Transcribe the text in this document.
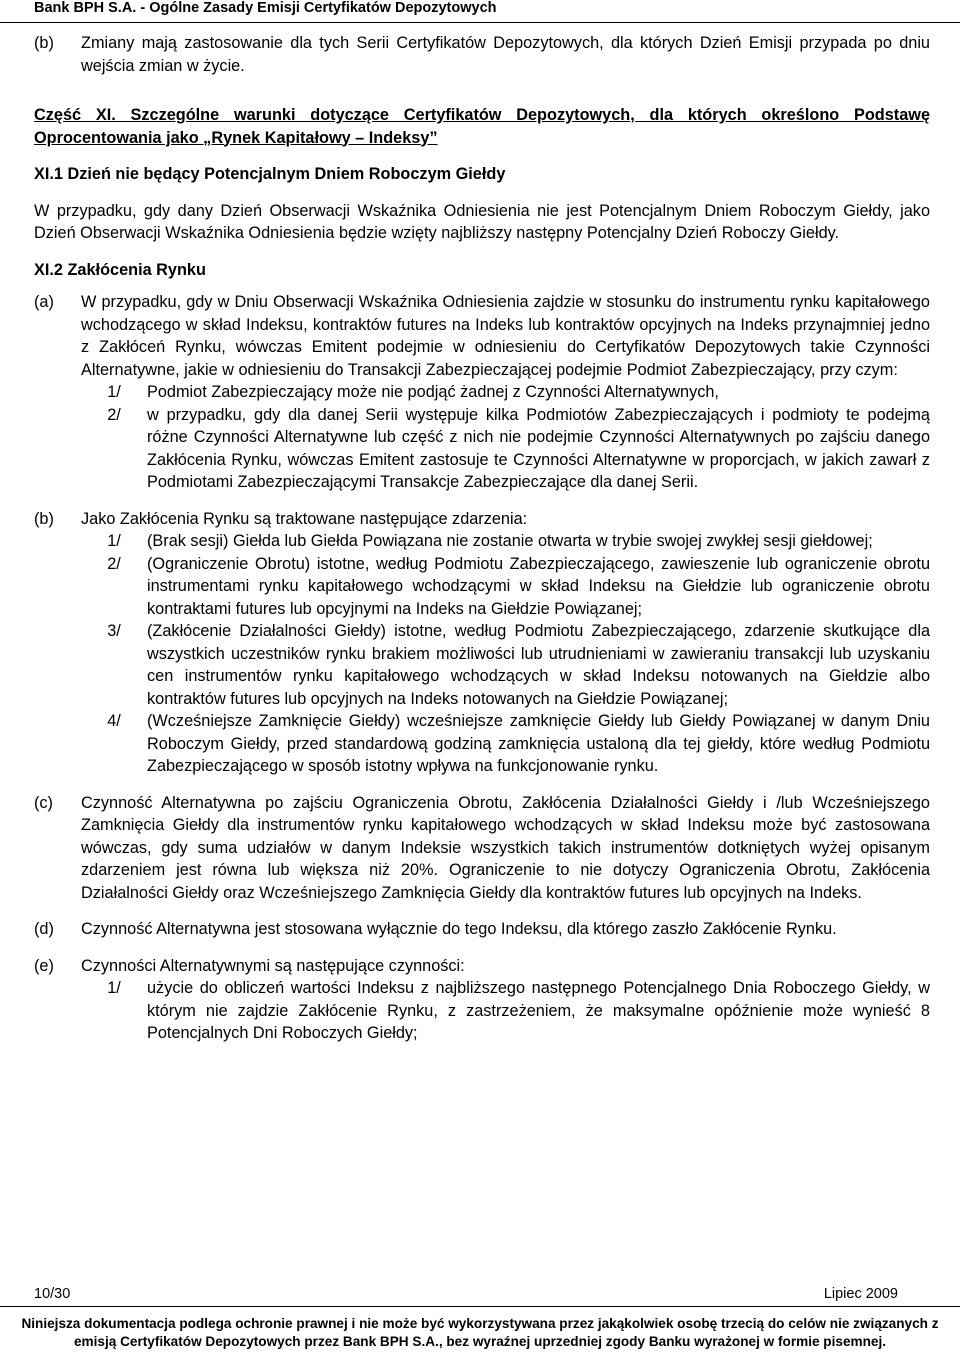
Bank BPH S.A. - Ogólne Zasady Emisji Certyfikatów Depozytowych
(b)	Zmiany mają zastosowanie dla tych Serii Certyfikatów Depozytowych, dla których Dzień Emisji przypada po dniu wejścia zmian w życie.
Część XI. Szczególne warunki dotyczące Certyfikatów Depozytowych, dla których określono Podstawę Oprocentowania jako „Rynek Kapitałowy – Indeksy”
XI.1 Dzień nie będący Potencjalnym Dniem Roboczym Giełdy
W przypadku, gdy dany Dzień Obserwacji Wskaźnika Odniesienia nie jest Potencjalnym Dniem Roboczym Giełdy, jako Dzień Obserwacji Wskaźnika Odniesienia będzie wzięty najbliższy następny Potencjalny Dzień Roboczy Giełdy.
XI.2 Zakłócenia Rynku
(a)	W przypadku, gdy w Dniu Obserwacji Wskaźnika Odniesienia zajdzie w stosunku do instrumentu rynku kapitałowego wchodzącego w skład Indeksu, kontraktów futures na Indeks lub kontraktów opcyjnych na Indeks przynajmniej jedno z Zakłóceń Rynku, wówczas Emitent podejmie w odniesieniu do Certyfikatów Depozytowych takie Czynności Alternatywne, jakie w odniesieniu do Transakcji Zabezpieczającej podejmie Podmiot Zabezpieczający, przy czym:
1/	Podmiot Zabezpieczający może nie podjąć żadnej z Czynności Alternatywnych,
2/	w przypadku, gdy dla danej Serii występuje kilka Podmiotów Zabezpieczających i podmioty te podejmą różne Czynności Alternatywne lub część z nich nie podejmie Czynności Alternatywnych po zajściu danego Zakłócenia Rynku, wówczas Emitent zastosuje te Czynności Alternatywne w proporcjach, w jakich zawarł z Podmiotami Zabezpieczającymi Transakcje Zabezpieczające dla danej Serii.
(b)	Jako Zakłócenia Rynku są traktowane następujące zdarzenia:
1/	(Brak sesji) Giełda lub Giełda Powiązana nie zostanie otwarta w trybie swojej zwykłej sesji giełdowej;
2/	(Ograniczenie Obrotu) istotne, według Podmiotu Zabezpieczającego, zawieszenie lub ograniczenie obrotu instrumentami rynku kapitałowego wchodzącymi w skład Indeksu na Giełdzie lub ograniczenie obrotu kontraktami futures lub opcyjnymi na Indeks na Giełdzie Powiązanej;
3/	(Zakłócenie Działalności Giełdy) istotne, według Podmiotu Zabezpieczającego, zdarzenie skutkujące dla wszystkich uczestników rynku brakiem możliwości lub utrudnieniami w zawieraniu transakcji lub uzyskaniu cen instrumentów rynku kapitałowego wchodzących w skład Indeksu notowanych na Giełdzie albo kontraktów futures lub opcyjnych na Indeks notowanych na Giełdzie Powiązanej;
4/	(Wcześniejsze Zamknięcie Giełdy) wcześniejsze zamknięcie Giełdy lub Giełdy Powiązanej w danym Dniu Roboczym Giełdy, przed standardową godziną zamknięcia ustaloną dla tej giełdy, które według Podmiotu Zabezpieczającego w sposób istotny wpływa na funkcjonowanie rynku.
(c)	Czynność Alternatywna po zajściu Ograniczenia Obrotu, Zakłócenia Działalności Giełdy i /lub Wcześniejszego Zamknięcia Giełdy dla instrumentów rynku kapitałowego wchodzących w skład Indeksu może być zastosowana wówczas, gdy suma udziałów w danym Indeksie wszystkich takich instrumentów dotkniętych wyżej opisanym zdarzeniem jest równa lub większa niż 20%. Ograniczenie to nie dotyczy Ograniczenia Obrotu, Zakłócenia Działalności Giełdy oraz Wcześniejszego Zamknięcia Giełdy dla kontraktów futures lub opcyjnych na Indeks.
(d)	Czynność Alternatywna jest stosowana wyłącznie do tego Indeksu, dla którego zaszło Zakłócenie Rynku.
(e)	Czynności Alternatywnymi są następujące czynności:
1/	użycie do obliczeń wartości Indeksu z najbliższego następnego Potencjalnego Dnia Roboczego Giełdy, w którym nie zajdzie Zakłócenie Rynku, z zastrzeżeniem, że maksymalne opóźnienie może wynieść 8 Potencjalnych Dni Roboczych Giełdy;
10/30	Lipiec 2009
Niniejsza dokumentacja podlega ochronie prawnej i nie może być wykorzystywana przez jakąkolwiek osobę trzecią do celów nie związanych z
emisją Certyfikatów Depozytowych przez Bank BPH S.A., bez wyraźnej uprzedniej zgody Banku wyrażonej w formie pisemnej.
